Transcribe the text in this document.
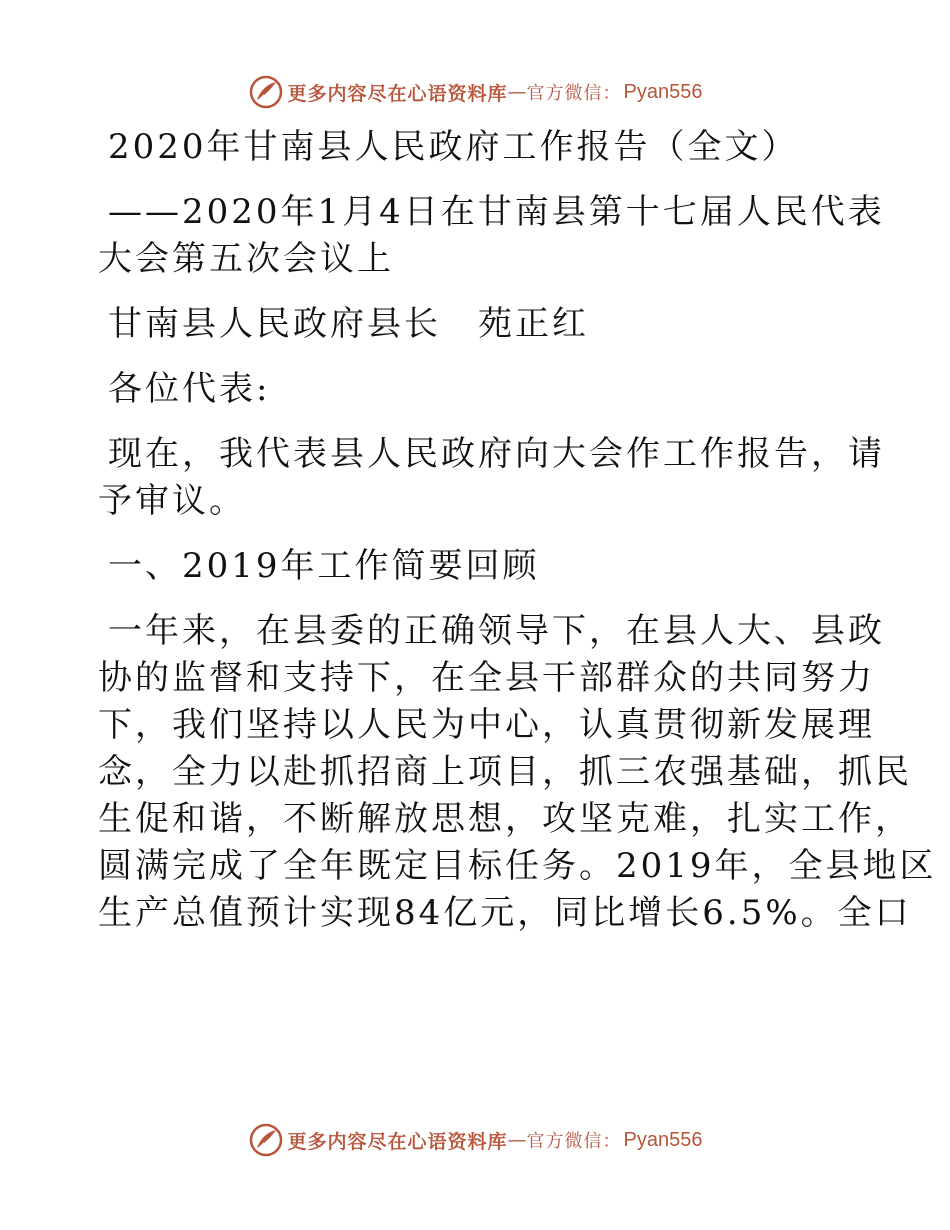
更多内容尽在心语资料库 — 官方微信： Pyan556

2020年甘南县人民政府工作报告（全文）

——2020年1月4日在甘南县第十七届人民代表

大会第五次会议上

甘南县人民政府县长　苑正红

各位代表:

现在，我代表县人民政府向大会作工作报告，请

予审议。

一、2019年工作简要回顾

一年来，在县委的正确领导下，在县人大、县政

协的监督和支持下，在全县干部群众的共同努力

下，我们坚持以人民为中心，认真贯彻新发展理

念，全力以赴抓招商上项目，抓三农强基础，抓民

生促和谐，不断解放思想，攻坚克难，扎实工作，

圆满完成了全年既定目标任务。2019年，全县地区

生产总值预计实现84亿元，同比增长6.5%。全口

更多内容尽在心语资料库 — 官方微信： Pyan556
